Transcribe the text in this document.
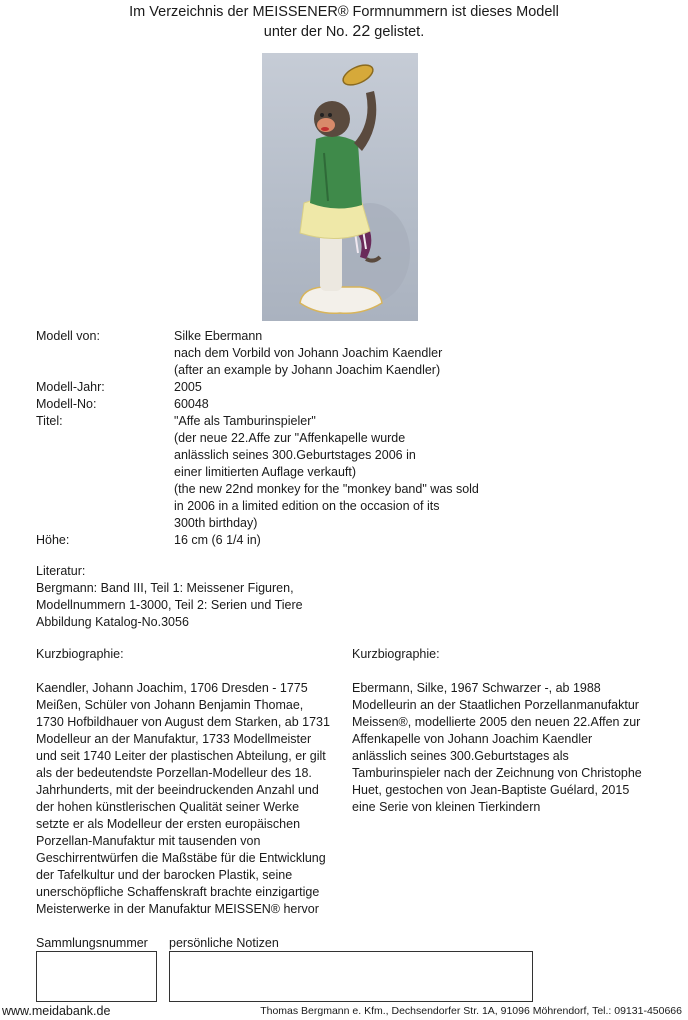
Im Verzeichnis der MEISSENER® Formnummern ist dieses Modell
unter der No. 22 gelistet.
Modell von:	Silke Ebermann
nach dem Vorbild von Johann Joachim Kaendler
(after an example by Johann Joachim Kaendler)
Modell-Jahr:	2005
Modell-No:	60048
Titel:	"Affe als Tamburinspieler"
(der neue 22.Affe zur "Affenkapelle wurde
anlässlich seines 300.Geburtstages 2006 in
einer limitierten Auflage verkauft)
(the new 22nd monkey for the "monkey band" was sold
in 2006 in a limited edition on the occasion of its
300th birthday)
Höhe:	16 cm (6 1/4 in)
Literatur:
Bergmann: Band III, Teil 1: Meissener Figuren,
Modellnummern 1-3000, Teil 2: Serien und Tiere
Abbildung Katalog-No.3056
Kurzbiographie:
Kaendler, Johann Joachim, 1706 Dresden - 1775
Meißen, Schüler von Johann Benjamin Thomae,
1730 Hofbildhauer von August dem Starken, ab 1731
Modelleur an der Manufaktur, 1733 Modellmeister
und seit 1740 Leiter der plastischen Abteilung, er gilt
als der bedeutendste Porzellan-Modelleur des 18.
Jahrhunderts, mit der beeindruckenden Anzahl und
der hohen künstlerischen Qualität seiner Werke
setzte er als Modelleur der ersten europäischen
Porzellan-Manufaktur mit tausenden von
Geschirrentwürfen die Maßstäbe für die Entwicklung
der Tafelkultur und der barocken Plastik, seine
unerschöpfliche Schaffenskraft brachte einzigartige
Meisterwerke in der Manufaktur MEISSEN® hervor
Kurzbiographie:
Ebermann, Silke, 1967 Schwarzer -, ab 1988
Modelleurin an der Staatlichen Porzellanmanufaktur
Meissen®, modellierte 2005 den neuen 22.Affen zur
Affenkapelle von Johann Joachim Kaendler
anlässlich seines 300.Geburtstages als
Tamburinspieler nach der Zeichnung von Christophe
Huet, gestochen von Jean-Baptiste Guélard, 2015
eine Serie von kleinen Tierkindern
Sammlungsnummer persönliche Notizen
www.meidabank.de	Thomas Bergmann e. Kfm., Dechsendorfer Str. 1A, 91096 Möhrendorf, Tel.: 09131-450666
